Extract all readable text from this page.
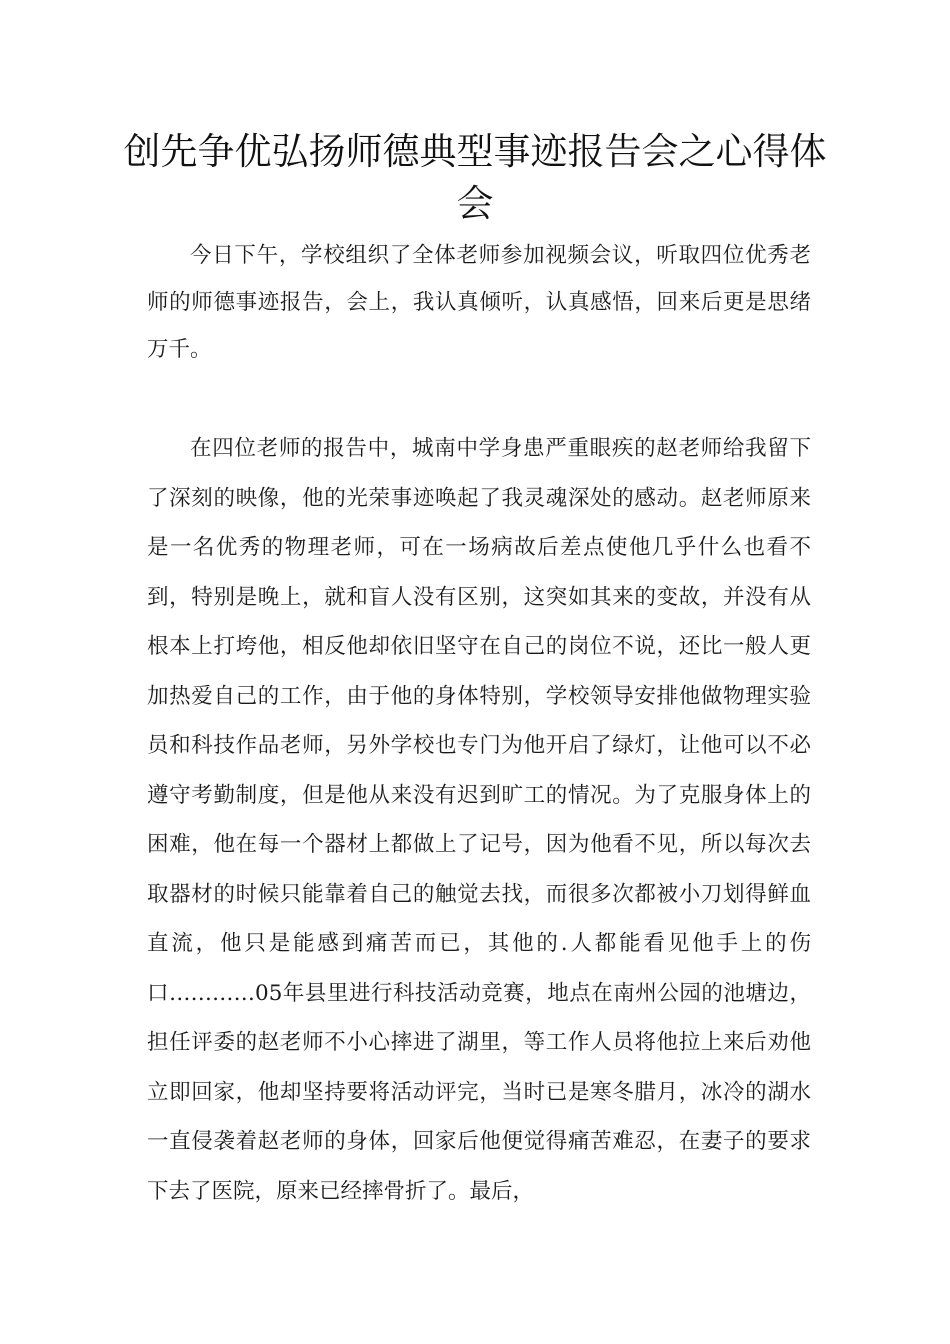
创先争优弘扬师德典型事迹报告会之心得体会

今日下午，学校组织了全体老师参加视频会议，听取四位优秀老师的师德事迹报告，会上，我认真倾听，认真感悟，回来后更是思绪万千。

在四位老师的报告中，城南中学身患严重眼疾的赵老师给我留下了深刻的映像，他的光荣事迹唤起了我灵魂深处的感动。赵老师原来是一名优秀的物理老师，可在一场病故后差点使他几乎什么也看不到，特别是晚上，就和盲人没有区别，这突如其来的变故，并没有从根本上打垮他，相反他却依旧坚守在自己的岗位不说，还比一般人更加热爱自己的工作，由于他的身体特别，学校领导安排他做物理实验员和科技作品老师，另外学校也专门为他开启了绿灯，让他可以不必遵守考勤制度，但是他从来没有迟到旷工的情况。为了克服身体上的困难，他在每一个器材上都做上了记号，因为他看不见，所以每次去取器材的时候只能靠着自己的触觉去找，而很多次都被小刀划得鲜血直流，他只是能感到痛苦而已，其他的.人都能看见他手上的伤口…………05年县里进行科技活动竞赛，地点在南州公园的池塘边，担任评委的赵老师不小心摔进了湖里，等工作人员将他拉上来后劝他立即回家，他却坚持要将活动评完，当时已是寒冬腊月，冰冷的湖水一直侵袭着赵老师的身体，回家后他便觉得痛苦难忍，在妻子的要求下去了医院，原来已经摔骨折了。最后，
